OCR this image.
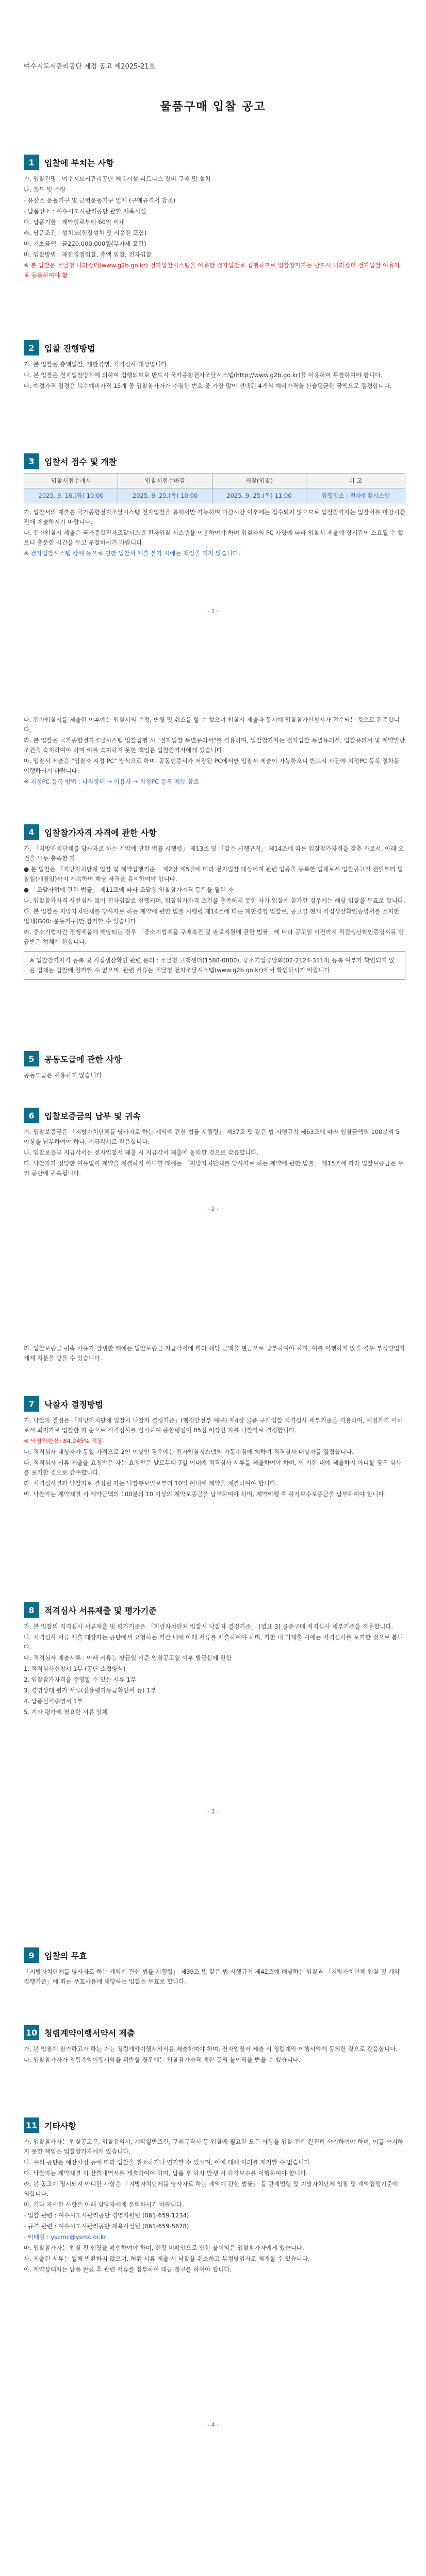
여수시도시관리공단 제정 공고 제2025-21호
물품구매 입찰 공고
1	입찰에 부치는 사항

가. 입찰건명 : 여수시도시관리공단 체육시설 피트니스 장비 구매 및 설치

나. 품목 및 수량

- 유산소 운동기구 및 근력운동기구 일체 (구매규격서 참조)

- 납품장소 : 여수시도시관리공단 관할 체육시설

다. 납품기한 : 계약일로부터 60일 이내

라. 납품조건 : 설치도(현장설치 및 시운전 포함)

마. 기초금액 : 금220,000,000원(부가세 포함)

바. 입찰방법 : 제한경쟁입찰, 총액 입찰, 전자입찰

※ 본 입찰은 조달청 나라장터(www.g2b.go.kr) 전자입찰시스템을 이용한 전자입찰로 집행하므로 입찰참가자는 반드시 나라장터 전자입찰 이용자로 등록하여야 함

2	입찰 진행방법

가. 본 입찰은 총액입찰, 제한경쟁, 적격심사 대상입니다.

나. 본 입찰은 전자입찰방식에 의하여 집행되므로 반드시 국가종합전자조달시스템(http://www.g2b.go.kr)을 이용하여 투찰하여야 합니다.

다. 예정가격 결정은 복수예비가격 15개 중 입찰참가자가 추첨한 번호 중 가장 많이 선택된 4개의 예비가격을 산술평균한 금액으로 결정합니다.

3	입찰서 접수 및 개찰
입찰서접수개시	입찰서접수마감	개찰(입찰)	비 고
2025. 9. 16.(화) 10:00	2025. 9. 25.(목) 10:00	2025. 9. 25.(목) 11:00	집행장소 : 전자입찰시스템

가. 입찰서의 제출은 국가종합전자조달시스템 전자입찰을 통해서만 가능하며 마감시간 이후에는 접수되지 않으므로 입찰참가자는 입찰서를 마감시간 전에 제출하시기 바랍니다.

나. 전자입찰서 제출은 국가종합전자조달시스템 전자입찰 시스템을 이용하여야 하며 입찰자의 PC 사양에 따라 입찰서 제출에 장시간이 소요될 수 있으니 충분한 시간을 두고 투찰하시기 바랍니다.

※ 전자입찰시스템 장애 등으로 인한 입찰서 제출 불가 시에는 책임을 지지 않습니다.

- 1 -

다. 전자입찰서를 제출한 이후에는 입찰서의 수정, 변경 및 취소를 할 수 없으며 입찰서 제출과 동시에 입찰참가신청서가 접수되는 것으로 간주합니다.

라. 본 입찰은 국가종합전자조달시스템 입찰집행 시 "전자입찰 특별유의서"를 적용하며, 입찰참가자는 전자입찰 특별유의서, 입찰유의서 및 계약일반조건을 숙지하여야 하며 이를 숙지하지 못한 책임은 입찰참가자에게 있습니다.

마. 입찰서 제출은 "입찰자 지정 PC" 방식으로 하며, 공동인증서가 저장된 PC에서만 입찰서 제출이 가능하오니 반드시 사전에 지정PC 등록 절차를 이행하시기 바랍니다.

※ 지정PC 등록 방법 : 나라장터 → 이용자 → 지정PC 등록 메뉴 참조

4	입찰참가자격 자격에 관한 사항

가. 「지방자치단체를 당사자로 하는 계약에 관한 법률 시행령」 제13조 및 「같은 시행규칙」 제14조에 따른 입찰참가자격을 갖춘 자로서, 아래 요건을 모두 충족한 자

● 본 입찰은 「지방자치단체 입찰 및 계약집행기준」 제2장 제5절에 따라 전자입찰 대상이며 관련 업종을 등록한 업체로서 입찰공고일 전일부터 입찰일(개찰일)까지 계속하여 해당 자격을 유지하여야 합니다.

● 「조달사업에 관한 법률」 제11조에 따라 조달청 입찰참가자격 등록을 필한 자

나. 입찰참가자격 사전심사 없이 전자입찰로 진행되며, 입찰참가자격 조건을 충족하지 못한 자가 입찰에 참가한 경우에는 해당 입찰을 무효로 합니다.

다. 본 입찰은 지방자치단체를 당사자로 하는 계약에 관한 법률 시행령 제14조에 따른 제한경쟁 입찰로, 공고일 현재 직접생산확인증명서를 소지한 업체(G00: 운동기구)만 참가할 수 있습니다.

라. 중소기업자간 경쟁제품에 해당되는 경우 「중소기업제품 구매촉진 및 판로지원에 관한 법률」에 따라 공고일 이전까지 직접생산확인증명서를 발급받은 업체에 한합니다.

※ 입찰참가자격 등록 및 직접생산확인 관련 문의 : 조달청 고객센터(1588-0800), 중소기업중앙회(02-2124-3114) 등록 여부가 확인되지 않은 업체는 입찰에 참가할 수 없으며, 관련 서류는 조달청 전자조달시스템(www.g2b.go.kr)에서 확인하시기 바랍니다.
5	공동도급에 관한 사항

공동도급은 허용하지 않습니다.

6	입찰보증금의 납부 및 귀속

가. 입찰보증금은 「지방자치단체를 당사자로 하는 계약에 관한 법률 시행령」 제37조 및 같은 법 시행규칙 제63조에 따라 입찰금액의 100분의 5 이상을 납부하여야 하나, 지급각서로 갈음합니다.

나. 입찰보증금 지급각서는 전자입찰서 제출 시 지급각서 제출에 동의한 것으로 갈음합니다.

다. 낙찰자가 정당한 이유없이 계약을 체결하지 아니할 때에는 「지방자치단체를 당사자로 하는 계약에 관한 법률」 제15조에 따라 입찰보증금은 우리 공단에 귀속됩니다.

- 2 -

라. 입찰보증금 귀속 사유가 발생한 때에는 입찰보증금 지급각서에 따라 해당 금액을 현금으로 납부하여야 하며, 이를 이행하지 않을 경우 부정당업자 제재 처분을 받을 수 있습니다.

7	낙찰자 결정방법

가. 낙찰자 결정은 「지방자치단체 입찰시 낙찰자 결정기준」(행정안전부 예규) 제4장 물품 구매입찰 적격심사 세부기준을 적용하며, 예정가격 이하로서 최저가로 입찰한 자 순으로 적격심사를 실시하여 종합평점이 85점 이상인 자를 낙찰자로 결정합니다.

※ 낙찰하한율: 84.245% 적용

나. 적격심사 대상자가 동일 가격으로 2인 이상인 경우에는 전자입찰시스템의 자동추첨에 의하여 적격심사 대상자를 결정합니다.

다. 적격심사 서류 제출을 요청받은 자는 요청받은 날로부터 7일 이내에 적격심사 서류를 제출하여야 하며, 이 기한 내에 제출하지 아니할 경우 심사를 포기한 것으로 간주합니다.

라. 적격심사결과 낙찰자로 결정된 자는 낙찰통보일로부터 10일 이내에 계약을 체결하여야 합니다.

마. 낙찰자는 계약체결 시 계약금액의 100분의 10 이상의 계약보증금을 납부하여야 하며, 계약이행 후 하자보수보증금을 납부하여야 합니다.

8	적격심사 서류제출 및 평가기준

가. 본 입찰의 적격심사 서류제출 및 평가기준은 「지방자치단체 입찰시 낙찰자 결정기준」 [별표 3] 물품구매 적격심사 세부기준을 적용합니다.

나. 적격심사 서류 제출 대상자는 공단에서 요청하는 기간 내에 아래 서류를 제출하여야 하며, 기한 내 미제출 시에는 적격심사를 포기한 것으로 봅니다.

다. 적격심사 제출서류 : 아래 서류는 발급일 기준 입찰공고일 이후 발급분에 한함

1. 적격심사신청서 1부 (공단 소정양식)

2. 입찰참가자격을 증명할 수 있는 서류 1부

3. 경영상태 평가 서류(신용평가등급확인서 등) 1부

4. 납품실적증명서 1부

5. 기타 평가에 필요한 서류 일체

- 3 -
9	입찰의 무효

「지방자치단체를 당사자로 하는 계약에 관한 법률 시행령」 제39조 및 같은 법 시행규칙 제42조에 해당하는 입찰과 「지방자치단체 입찰 및 계약집행기준」에 따른 무효사유에 해당하는 입찰은 무효로 합니다.

10 청렴계약이행서약서 제출

가. 본 입찰에 참가하고자 하는 자는 청렴계약이행서약서를 제출하여야 하며, 전자입찰서 제출 시 청렴계약 이행서약에 동의한 것으로 갈음합니다.

나. 입찰참가자가 청렴계약이행서약을 위반할 경우에는 입찰참가자격 제한 등의 불이익을 받을 수 있습니다.

11 기타사항

가. 입찰참가자는 입찰공고문, 입찰유의서, 계약일반조건, 구매규격서 등 입찰에 필요한 모든 사항을 입찰 전에 완전히 숙지하여야 하며, 이를 숙지하지 못한 책임은 입찰참가자에게 있습니다.

나. 우리 공단은 예산사정 등에 따라 입찰을 취소하거나 연기할 수 있으며, 이에 대해 이의를 제기할 수 없습니다.

다. 낙찰자는 계약체결 시 산출내역서를 제출하여야 하며, 납품 후 하자 발생 시 하자보수를 이행하여야 합니다.

라. 본 공고에 명시되지 아니한 사항은 「지방자치단체를 당사자로 하는 계약에 관한 법률」 등 관계법령 및 지방자치단체 입찰 및 계약집행기준에 의합니다.

마. 기타 자세한 사항은 아래 담당자에게 문의하시기 바랍니다.

- 입찰 관련 : 여수시도시관리공단 경영지원팀 (061-659-1234)

- 규격 관련 : 여수시도시관리공단 체육시설팀 (061-659-5678)

- 이메일 : yscmc@ysmc.or.kr

바. 입찰참가자는 입찰 전 현장을 확인하여야 하며, 현장 미확인으로 인한 불이익은 입찰참가자에게 있습니다.

사. 제출된 서류는 일체 반환하지 않으며, 허위 서류 제출 시 낙찰을 취소하고 부정당업자로 제재할 수 있습니다.

아. 계약상대자는 납품 완료 후 관련 서류를 첨부하여 대금 청구를 하여야 합니다.

- 4 -
